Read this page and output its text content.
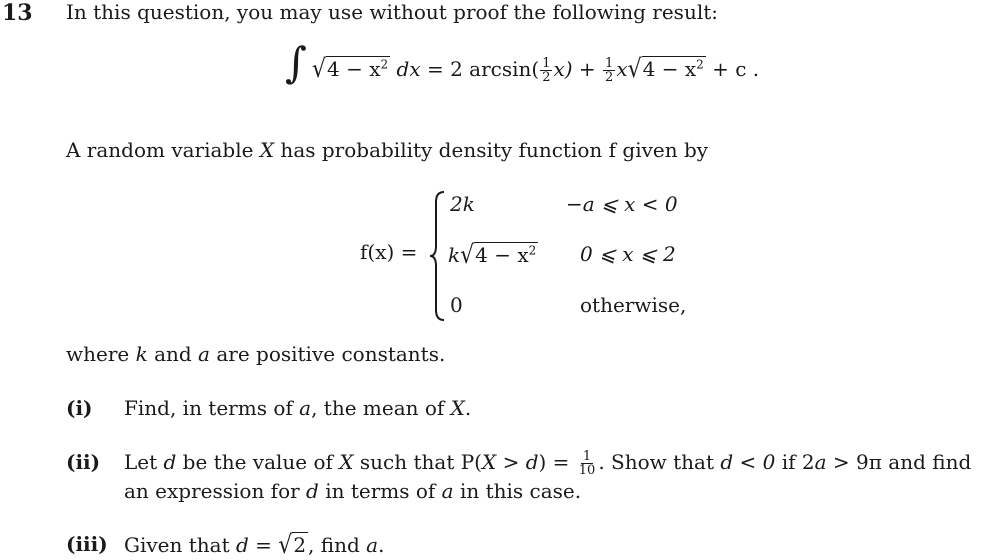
13 In this question, you may use without proof the following result:
∫ $√4 - x^2$ dx = 2 $\arcsin( \frac{1}{2} x) + \frac{1}{2} x√4 - x^2 + c$ .
A random variable X has probability density function f given by
f(x) =
2k	−a ⩽ x < 0
$k√4 - x^2$ 0 ⩽ x ⩽ 2
0	otherwise,
where k and a are positive constants.
(i) Find, in terms of a, the mean of X.
(ii) Let d be the value of X such that $P(X > d) = \frac{1}{10}$ . Show that d < 0 if 2a > 9π and find
an expression for d in terms of a in this case.
(iii) Given that d = √2 , find a.
